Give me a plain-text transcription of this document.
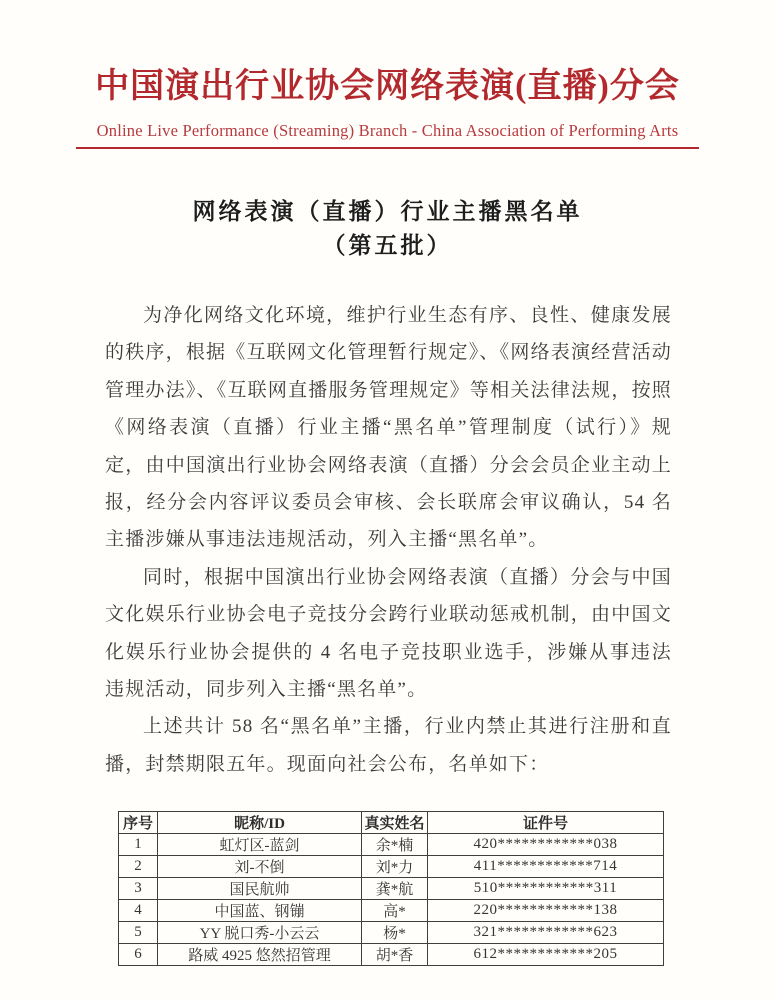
中国演出行业协会网络表演(直播)分会
Online Live Performance (Streaming) Branch - China Association of Performing Arts
网络表演（直播）行业主播黑名单
（第五批）

为净化网络文化环境，维护行业生态有序、良性、健康发展的秩序，根据《互联网文化管理暂行规定》、《网络表演经营活动管理办法》、《互联网直播服务管理规定》等相关法律法规，按照《网络表演（直播）行业主播“黑名单”管理制度（试行）》规定，由中国演出行业协会网络表演（直播）分会会员企业主动上报，经分会内容评议委员会审核、会长联席会审议确认，54 名主播涉嫌从事违法违规活动，列入主播“黑名单”。

同时，根据中国演出行业协会网络表演（直播）分会与中国文化娱乐行业协会电子竞技分会跨行业联动惩戒机制，由中国文化娱乐行业协会提供的 4 名电子竞技职业选手，涉嫌从事违法违规活动，同步列入主播“黑名单”。

上述共计 58 名“黑名单”主播，行业内禁止其进行注册和直播，封禁期限五年。现面向社会公布，名单如下：

序号	昵称/ID	真实姓名	证件号
1	虹灯区-蓝剑	余*楠	420************038
2	刘-不倒	刘*力	411************714
3	国民航帅	龚*航	510************311
4	中国蓝、钢镚	高*	220************138
5	YY 脱口秀-小云云	杨*	321************623
6	路威 4925 悠然招管理	胡*香	612************205
